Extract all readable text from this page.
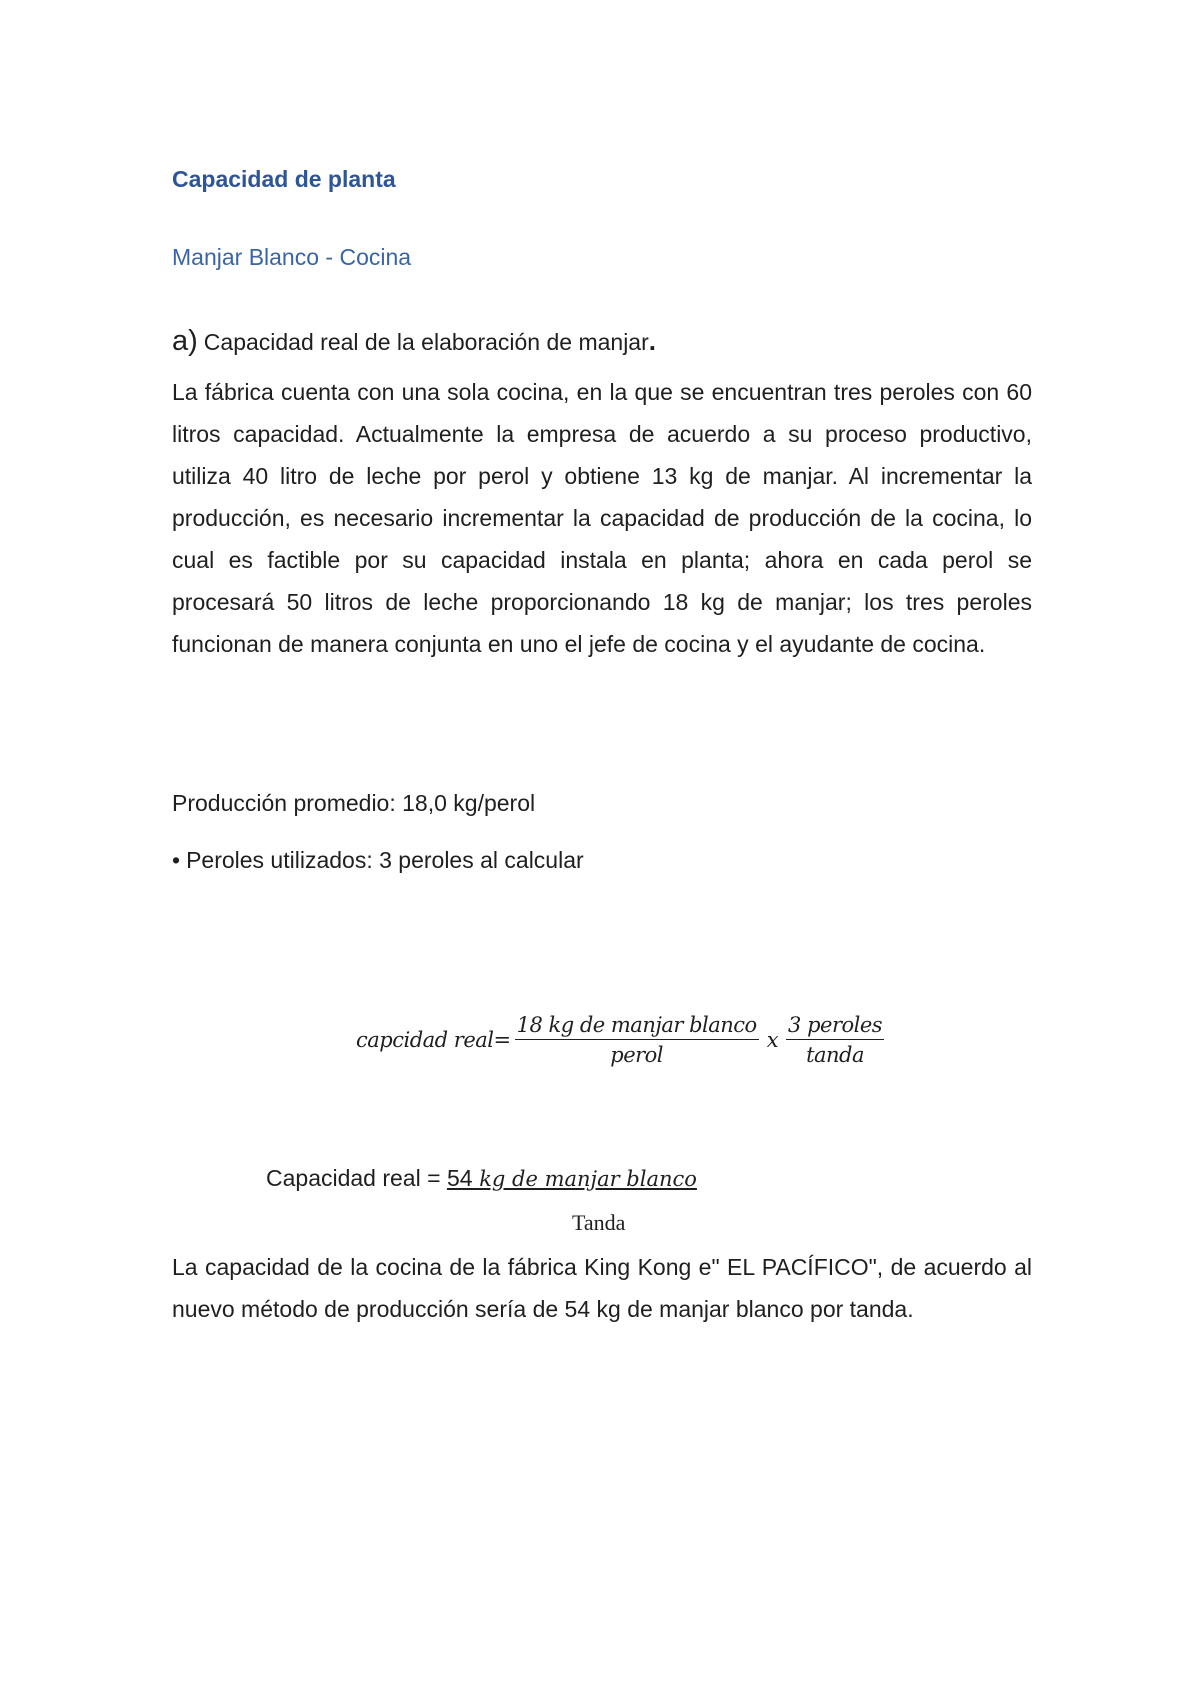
Capacidad de planta
Manjar Blanco - Cocina
a) Capacidad real de la elaboración de manjar.
La fábrica cuenta con una sola cocina, en la que se encuentran tres peroles con 60 litros capacidad. Actualmente la empresa de acuerdo a su proceso productivo, utiliza 40 litro de leche por perol y obtiene 13 kg de manjar. Al incrementar la producción, es necesario incrementar la capacidad de producción de la cocina, lo cual es factible por su capacidad instala en planta; ahora en cada perol se procesará 50 litros de leche proporcionando 18 kg de manjar; los tres peroles funcionan de manera conjunta en uno el jefe de cocina y el ayudante de cocina.
Producción promedio: 18,0 kg/perol
• Peroles utilizados: 3 peroles al calcular
capcidad real= $\frac{\text{18 kg de manjar blanco}}{\text{perol}}$ x $\frac{\text{3 peroles}}{\text{tanda}}$
Capacidad real = 54 kg de manjar blanco
Tanda
La capacidad de la cocina de la fábrica King Kong e" EL PACÍFICO", de acuerdo al nuevo método de producción sería de 54 kg de manjar blanco por tanda.
